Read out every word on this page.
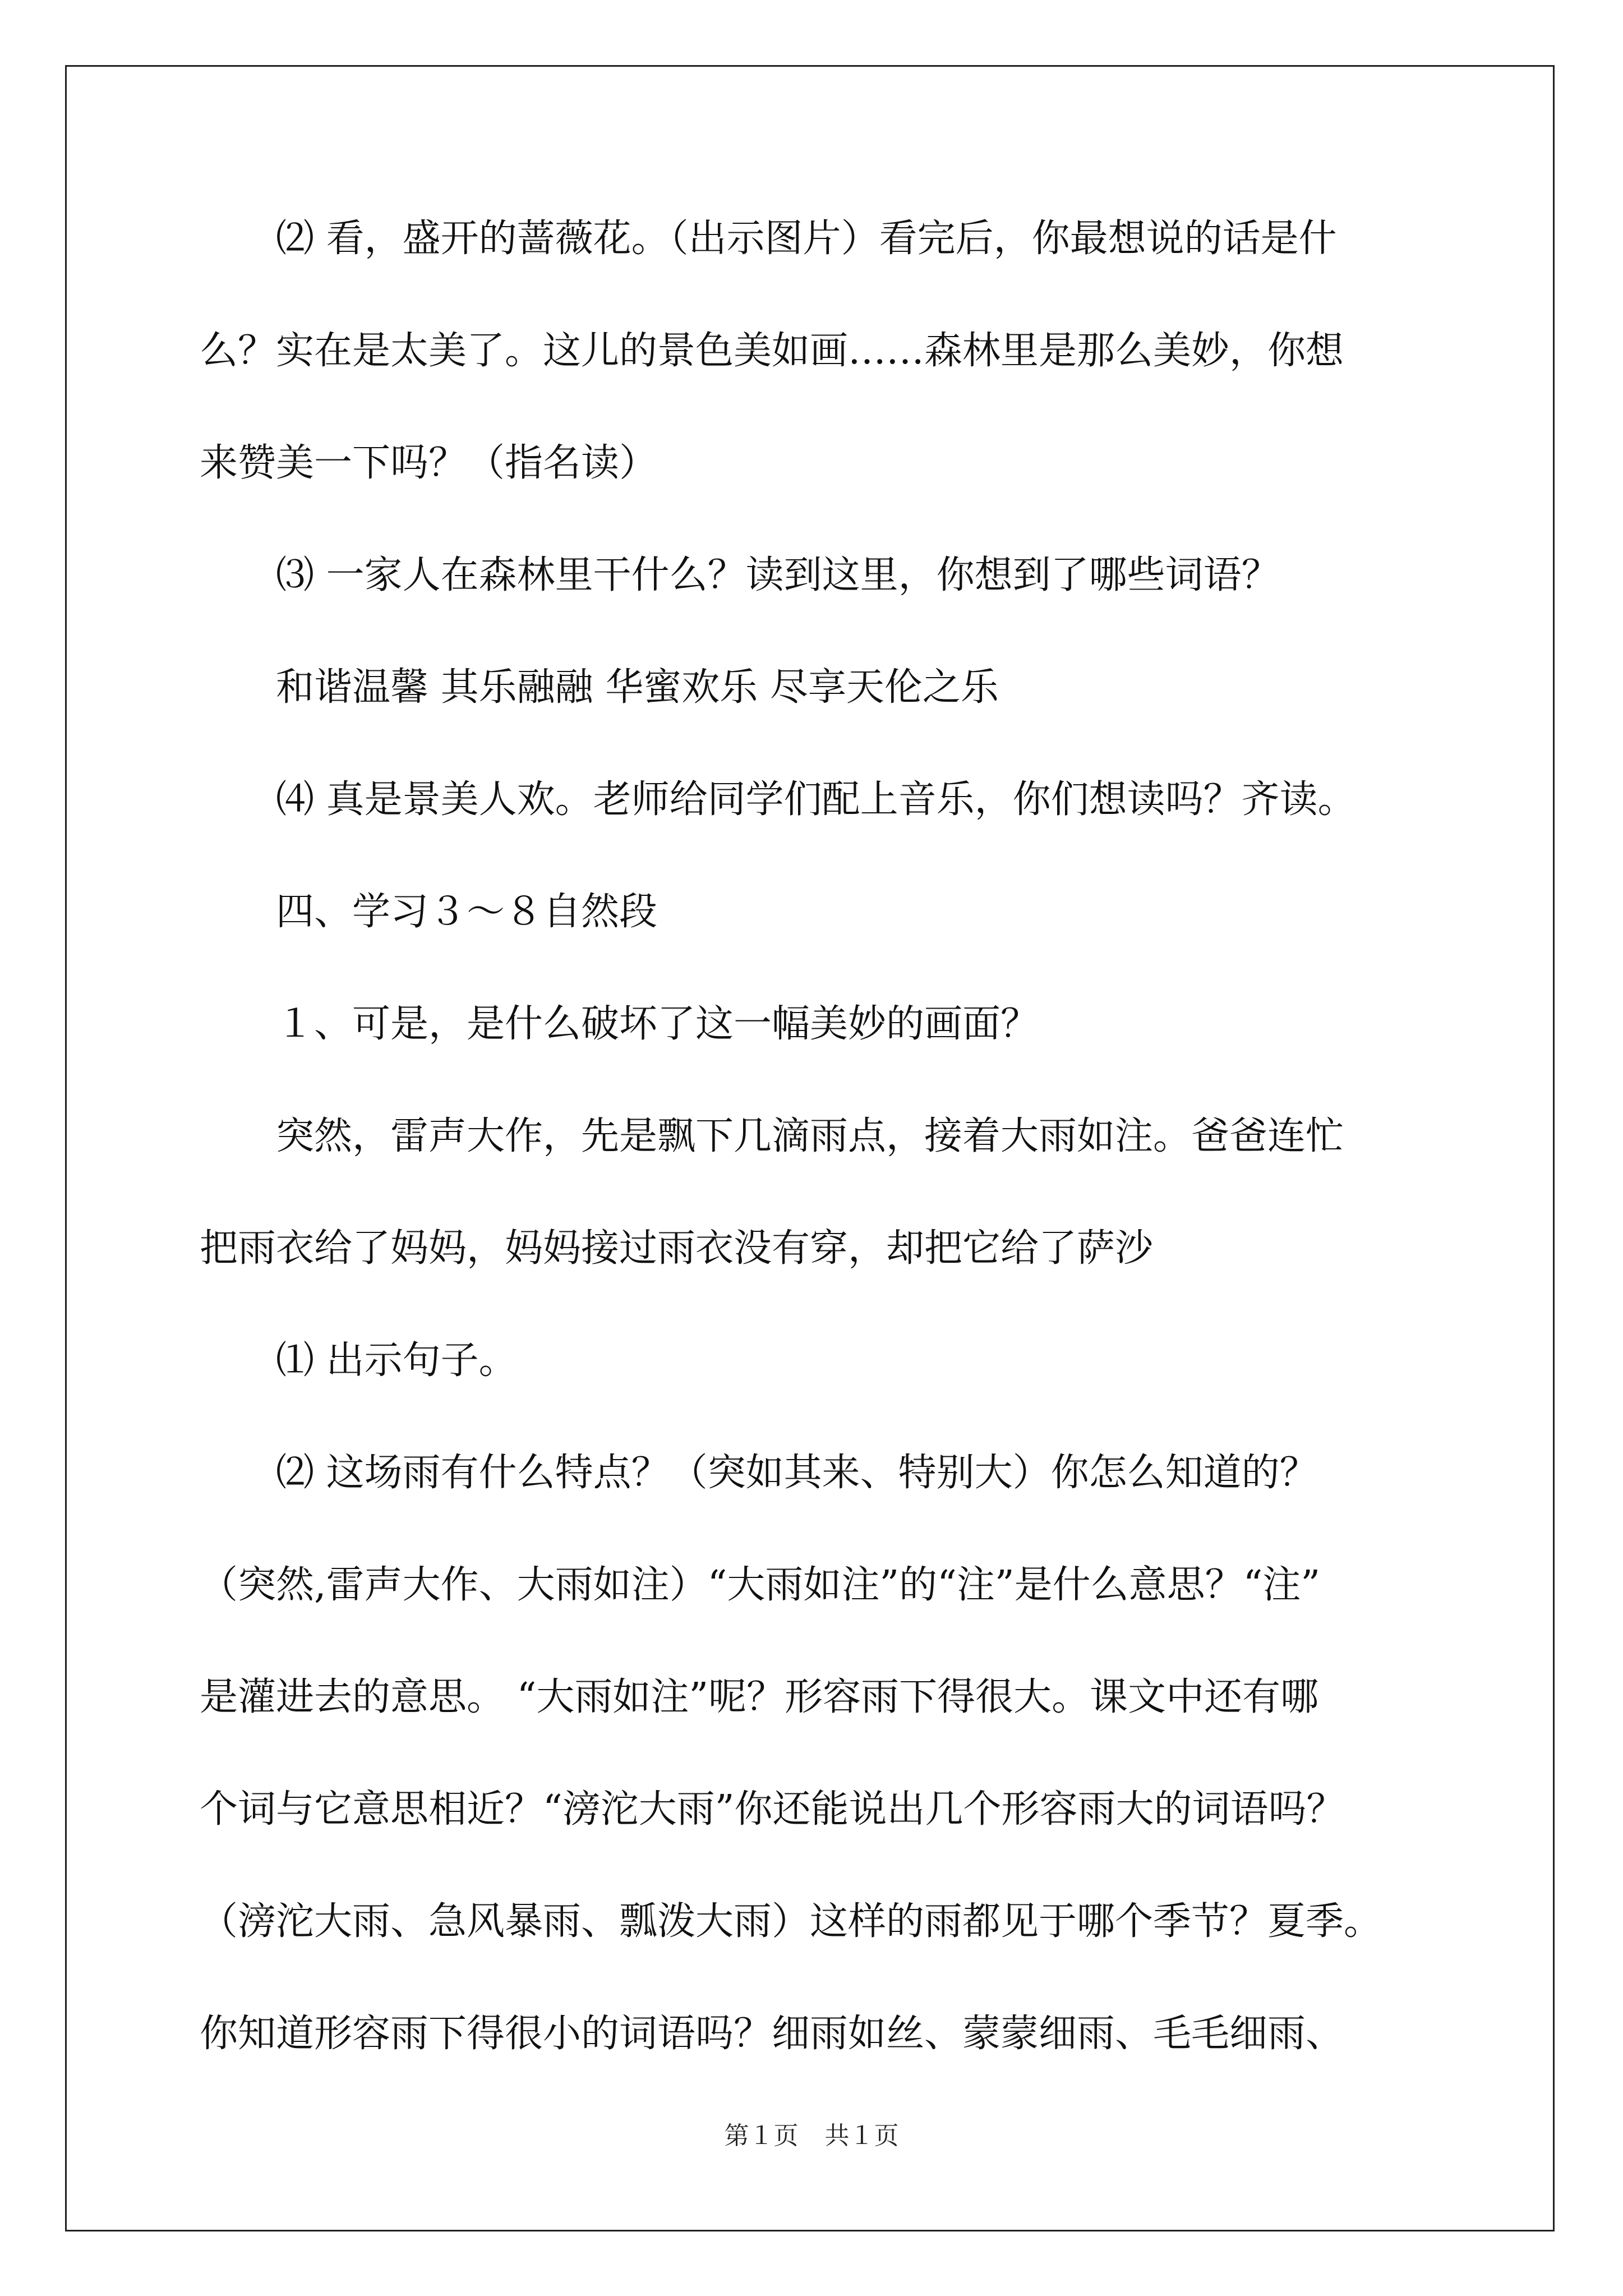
⑵ 看，盛开的蔷薇花。（出示图片）看完后，你最想说的话是什
么？实在是太美了。这儿的景色美如画……森林里是那么美妙，你想
来赞美一下吗？（指名读）
⑶ 一家人在森林里干什么？读到这里，你想到了哪些词语？
和谐温馨 其乐融融 华蜜欢乐 尽享天伦之乐
⑷ 真是景美人欢。老师给同学们配上音乐，你们想读吗？齐读。
四、学习３～８自然段
１、可是，是什么破坏了这一幅美妙的画面？
突然，雷声大作，先是飘下几滴雨点，接着大雨如注。爸爸连忙
把雨衣给了妈妈，妈妈接过雨衣没有穿，却把它给了萨沙
⑴ 出示句子。
⑵ 这场雨有什么特点？（突如其来、特别大）你怎么知道的？
（突然,雷声大作、大雨如注）“大雨如注”的“注”是什么意思？“注”
是灌进去的意思。 “大雨如注”呢？形容雨下得很大。课文中还有哪
个词与它意思相近？“滂沱大雨”你还能说出几个形容雨大的词语吗？
（滂沱大雨、急风暴雨、瓢泼大雨）这样的雨都见于哪个季节？夏季。
你知道形容雨下得很小的词语吗？细雨如丝、蒙蒙细雨、毛毛细雨、
第１页 共１页
